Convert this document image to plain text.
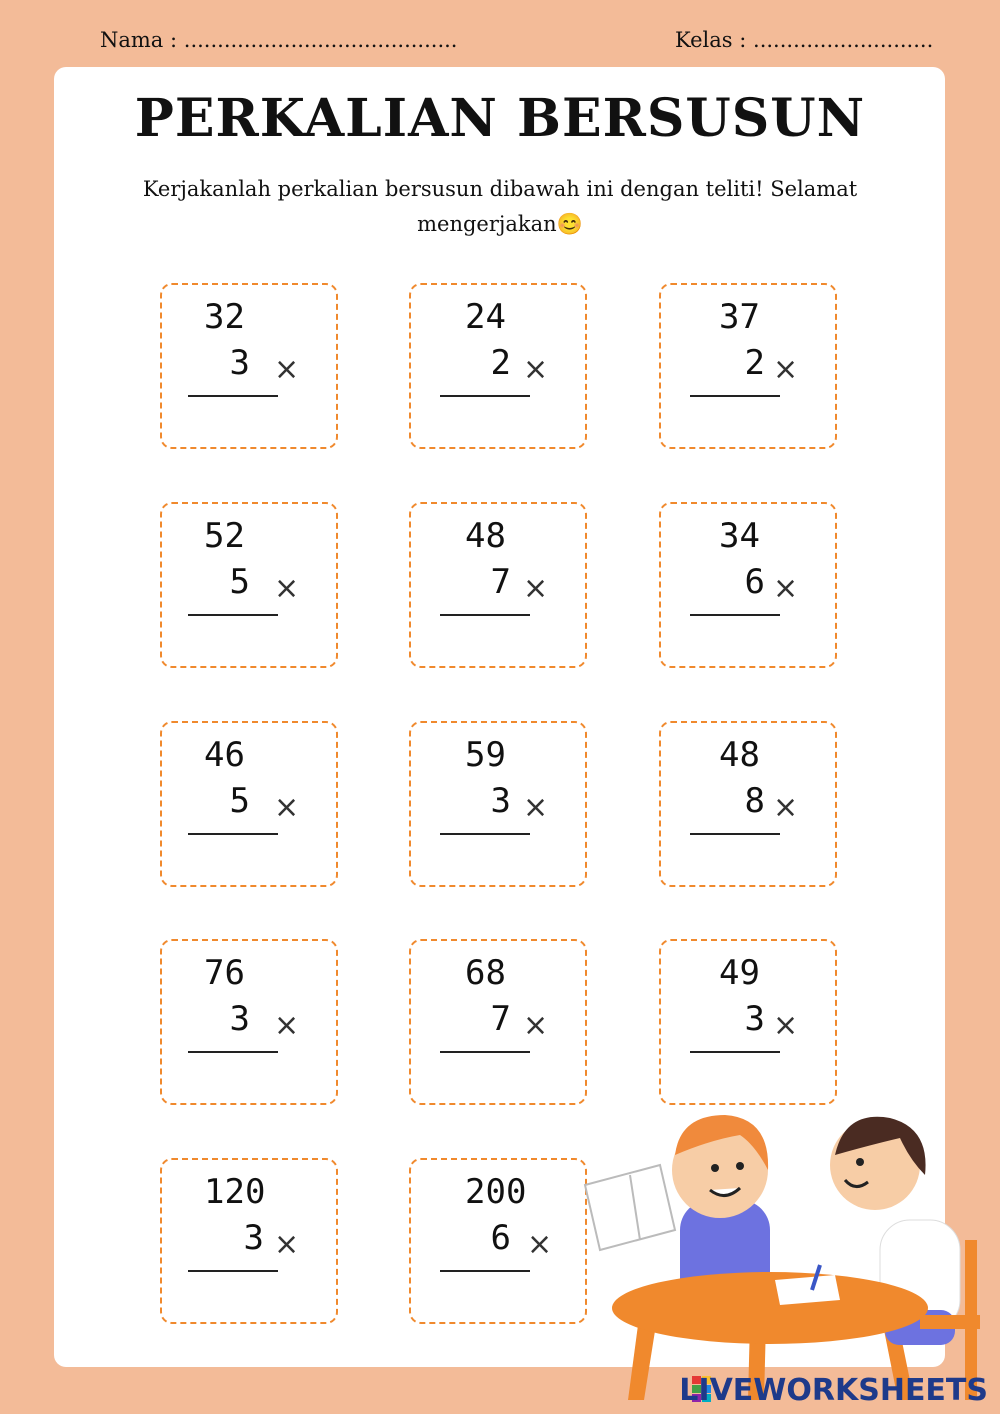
Nama : .........................................	Kelas : ...........................
PERKALIAN BERSUSUN
Kerjakanlah perkalian bersusun dibawah ini dengan teliti! Selamat
mengerjakan😊
32
3 ×
24
2 ×
37
2 ×
52
5 ×
48
7 ×
34
6 ×
46
5 ×
59
3 ×
48
8 ×
76
3 ×
68
7 ×
49
3 ×
120
3 ×
200
6 ×
LIVEWORKSHEETS
